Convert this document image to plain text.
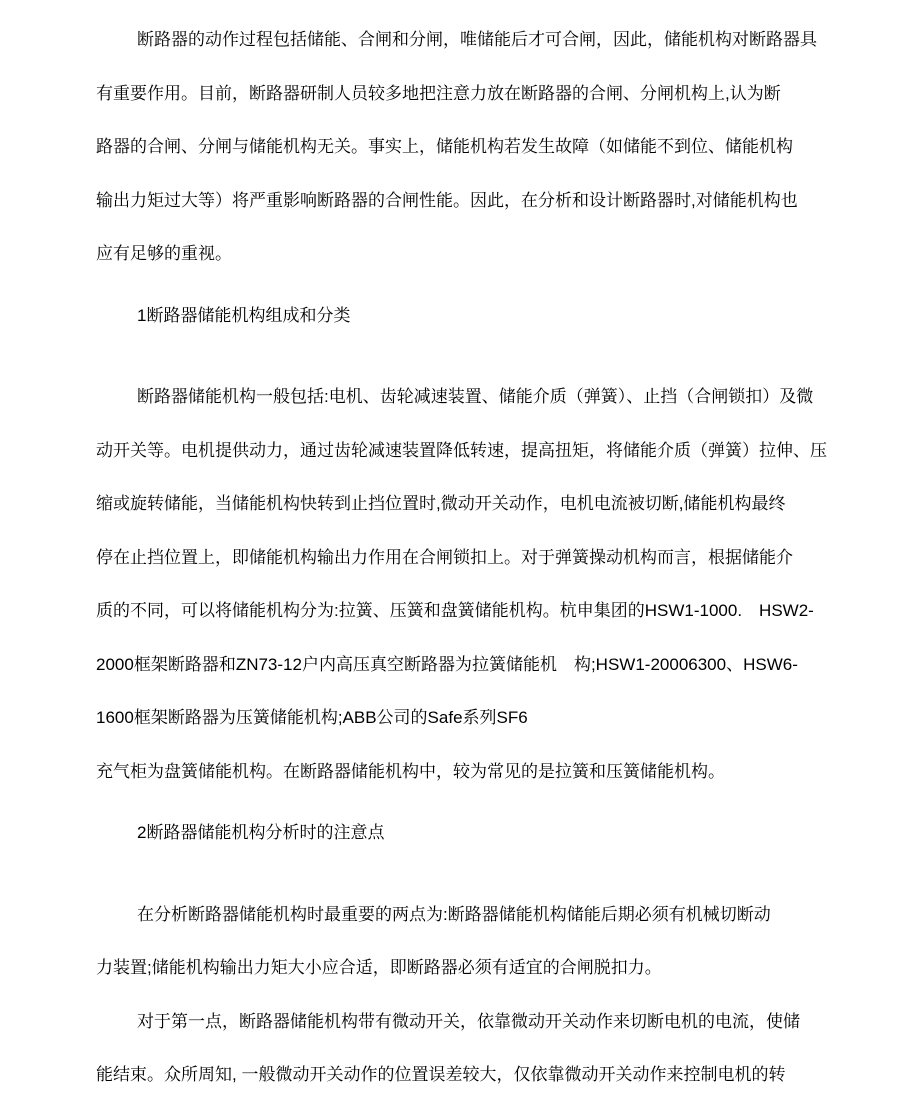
断路器的动作过程包括储能、合闸和分闸，唯储能后才可合闸，因此，储能机构对断路器具
有重要作用。目前，断路器研制人员较多地把注意力放在断路器的合闸、分闸机构上,认为断
路器的合闸、分闸与储能机构无关。事实上，储能机构若发生故障（如储能不到位、储能机构
输出力矩过大等）将严重影响断路器的合闸性能。因此，在分析和设计断路器时,对储能机构也
应有足够的重视。
1断路器储能机构组成和分类
断路器储能机构一般包括:电机、齿轮减速装置、储能介质（弹簧）、止挡（合闸锁扣）及微
动开关等。电机提供动力，通过齿轮减速装置降低转速，提高扭矩，将储能介质（弹簧）拉伸、压
缩或旋转储能，当储能机构快转到止挡位置时,微动开关动作，电机电流被切断,储能机构最终
停在止挡位置上，即储能机构输出力作用在合闸锁扣上。对于弹簧操动机构而言，根据储能介
质的不同，可以将储能机构分为:拉簧、压簧和盘簧储能机构。杭申集团的HSW1-1000.　HSW2-
2000框架断路器和ZN73-12户内高压真空断路器为拉簧储能机　构;HSW1-20006300、HSW6-
1600框架断路器为压簧储能机构;ABB公司的Safe系列SF6
充气柜为盘簧储能机构。在断路器储能机构中，较为常见的是拉簧和压簧储能机构。
2断路器储能机构分析时的注意点
在分析断路器储能机构时最重要的两点为:断路器储能机构储能后期必须有机械切断动
力装置;储能机构输出力矩大小应合适，即断路器必须有适宜的合闸脱扣力。
对于第一点，断路器储能机构带有微动开关，依靠微动开关动作来切断电机的电流，使储
能结束。众所周知, 一般微动开关动作的位置误差较大，仅依靠微动开关动作来控制电机的转
